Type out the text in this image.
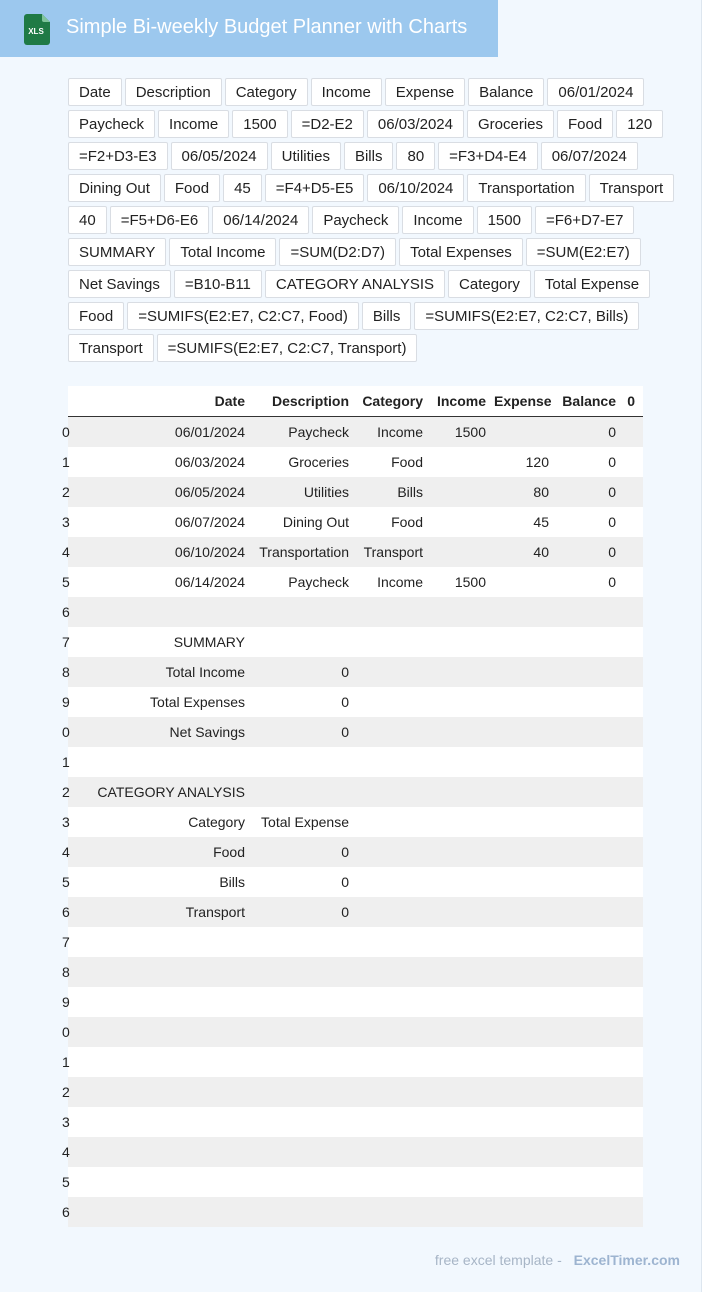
XLS Simple Bi-weekly Budget Planner with Charts
Date	Description	Category	Income	Expense	Balance	06/01/2024
Paycheck	Income	1500	=D2-E2	06/03/2024	Groceries	Food	120
=F2+D3-E3	06/05/2024	Utilities	Bills	80	=F3+D4-E4	06/07/2024
Dining Out	Food	45	=F4+D5-E5	06/10/2024	Transportation	Transport
40	=F5+D6-E6	06/14/2024	Paycheck	Income	1500	=F6+D7-E7
SUMMARY	Total Income	=SUM(D2:D7)	Total Expenses	=SUM(E2:E7)
Net Savings	=B10-B11	CATEGORY ANALYSIS	Category	Total Expense
Food	=SUMIFS(E2:E7, C2:C7, Food)	Bills	=SUMIFS(E2:E7, C2:C7, Bills)
Transport	=SUMIFS(E2:E7, C2:C7, Transport)
	Date	Description	Category	Income	Expense	Balance	0
0	06/01/2024	Paycheck	Income	1500		0	
1	06/03/2024	Groceries	Food		120	0	
2	06/05/2024	Utilities	Bills		80	0	
3	06/07/2024	Dining Out	Food		45	0	
4	06/10/2024	Transportation	Transport		40	0	
5	06/14/2024	Paycheck	Income	1500		0	
6							
7	SUMMARY						
8	Total Income	0					
9	Total Expenses	0					
0	Net Savings	0					
1							
2	CATEGORY ANALYSIS						
3	Category	Total Expense					
4	Food	0					
5	Bills	0					
6	Transport	0					
7							
8							
9							
0							
1							
2							
3							
4							
5							
6							
free excel template - ExcelTimer.com
